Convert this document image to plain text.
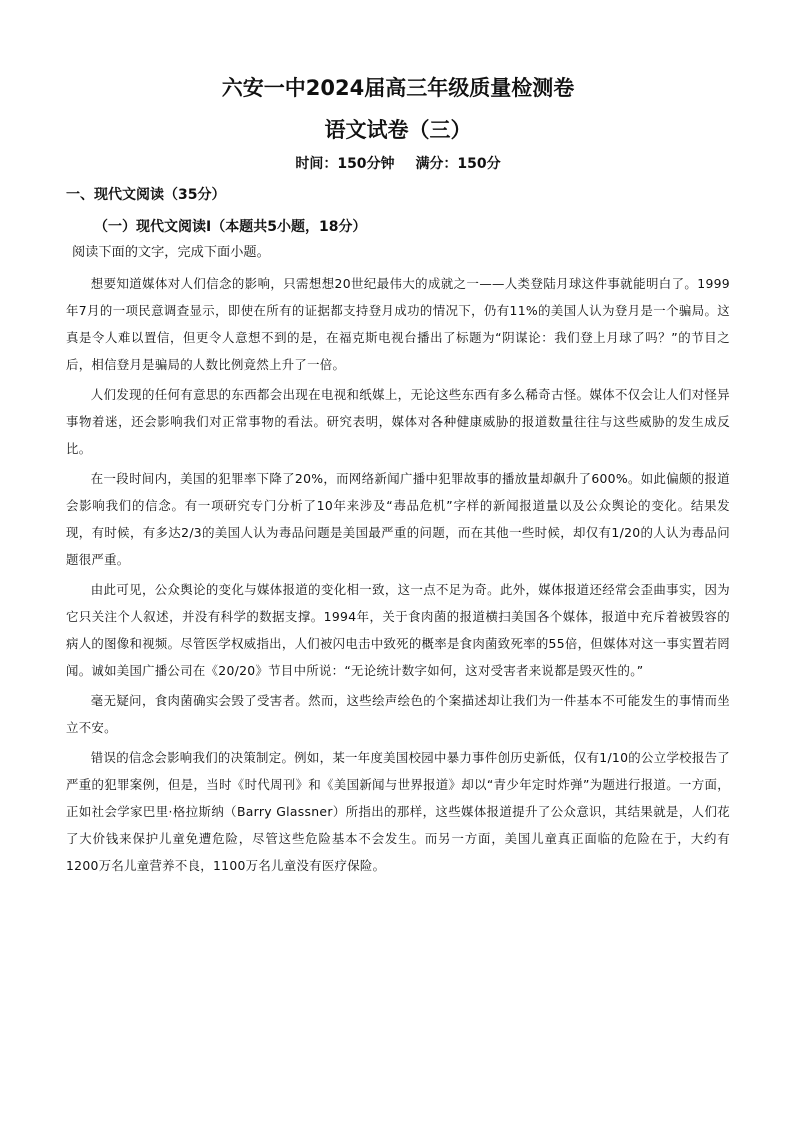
六安一中2024届高三年级质量检测卷
语文试卷（三）
时间：150分钟 满分：150分
一、现代文阅读（35分）
（一）现代文阅读Ⅰ（本题共5小题，18分）
阅读下面的文字，完成下面小题。

想要知道媒体对人们信念的影响，只需想想20世纪最伟大的成就之一——人类登陆月球这件事就能明白了。1999年7月的一项民意调查显示，即使在所有的证据都支持登月成功的情况下，仍有11%的美国人认为登月是一个骗局。这真是令人难以置信，但更令人意想不到的是，在福克斯电视台播出了标题为“阴谋论：我们登上月球了吗？”的节目之后，相信登月是骗局的人数比例竟然上升了一倍。

人们发现的任何有意思的东西都会出现在电视和纸媒上，无论这些东西有多么稀奇古怪。媒体不仅会让人们对怪异事物着迷，还会影响我们对正常事物的看法。研究表明，媒体对各种健康威胁的报道数量往往与这些威胁的发生成反比。

在一段时间内，美国的犯罪率下降了20%，而网络新闻广播中犯罪故事的播放量却飙升了600%。如此偏颇的报道会影响我们的信念。有一项研究专门分析了10年来涉及“毒品危机”字样的新闻报道量以及公众舆论的变化。结果发现，有时候，有多达2/3的美国人认为毒品问题是美国最严重的问题，而在其他一些时候，却仅有1/20的人认为毒品问题很严重。

由此可见，公众舆论的变化与媒体报道的变化相一致，这一点不足为奇。此外，媒体报道还经常会歪曲事实，因为它只关注个人叙述，并没有科学的数据支撑。1994年，关于食肉菌的报道横扫美国各个媒体，报道中充斥着被毁容的病人的图像和视频。尽管医学权威指出，人们被闪电击中致死的概率是食肉菌致死率的55倍，但媒体对这一事实置若罔闻。诚如美国广播公司在《20/20》节目中所说：“无论统计数字如何，这对受害者来说都是毁灭性的。”

毫无疑问，食肉菌确实会毁了受害者。然而，这些绘声绘色的个案描述却让我们为一件基本不可能发生的事情而坐立不安。

错误的信念会影响我们的决策制定。例如，某一年度美国校园中暴力事件创历史新低，仅有1/10的公立学校报告了严重的犯罪案例，但是，当时《时代周刊》和《美国新闻与世界报道》却以“青少年定时炸弹”为题进行报道。一方面，正如社会学家巴里·格拉斯纳（Barry Glassner）所指出的那样，这些媒体报道提升了公众意识，其结果就是，人们花了大价钱来保护儿童免遭危险，尽管这些危险基本不会发生。而另一方面，美国儿童真正面临的危险在于，大约有1200万名儿童营养不良，1100万名儿童没有医疗保险。
